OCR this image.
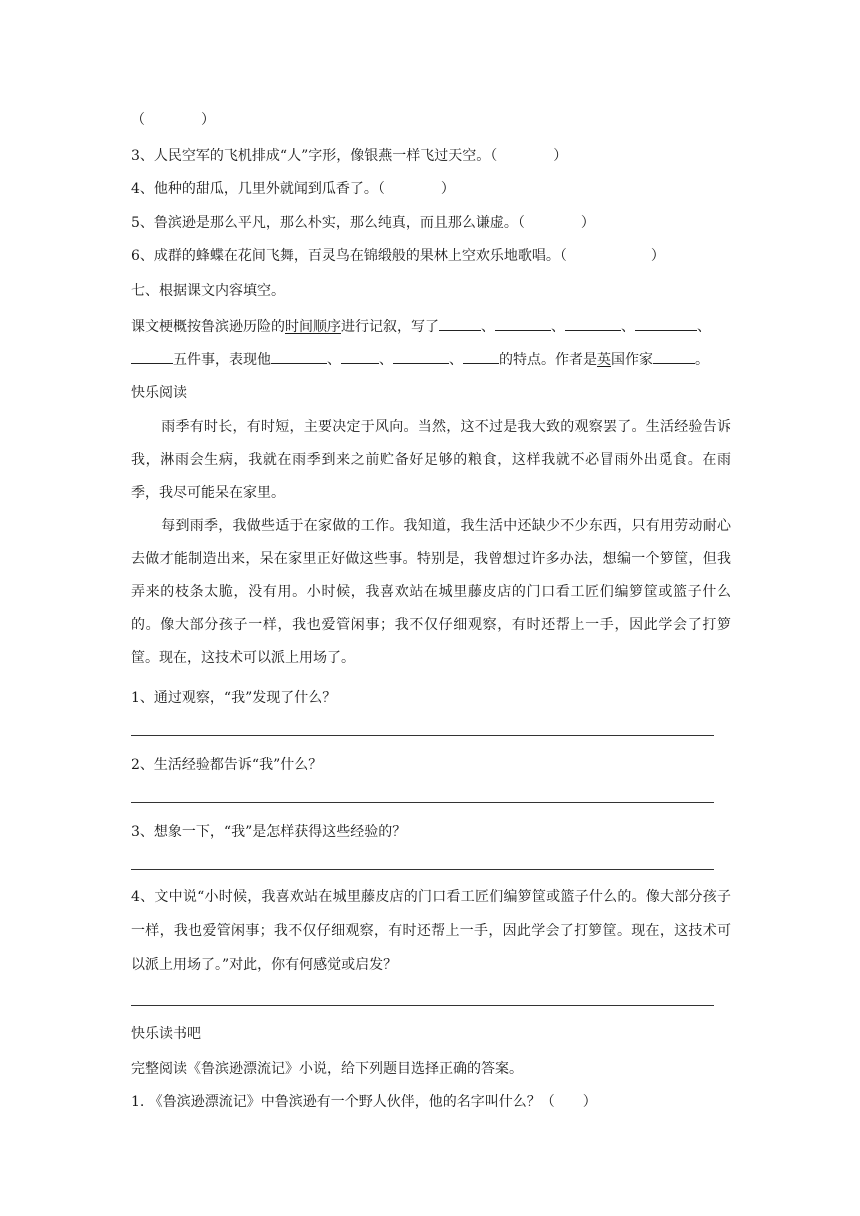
（　　　　）
3、人民空军的飞机排成“人”字形，像银燕一样飞过天空。（	）
4、他种的甜瓜，几里外就闻到瓜香了。（	）
5、鲁滨逊是那么平凡，那么朴实，那么纯真，而且那么谦虚。（	）
6、成群的蜂蝶在花间飞舞，百灵鸟在锦缎般的果林上空欢乐地歌唱。（	）
七、根据课文内容填空。
课文梗概按鲁滨逊历险的时间顺序进行记叙，写了	、	、	、	、
五件事，表现他	、	、	、	的特点。作者是英国作家	。
快乐阅读
雨季有时长，有时短，主要决定于风向。当然，这不过是我大致的观察罢了。生活经验告诉我，淋雨会生病，我就在雨季到来之前贮备好足够的粮食，这样我就不必冒雨外出觅食。在雨季，我尽可能呆在家里。
每到雨季，我做些适于在家做的工作。我知道，我生活中还缺少不少东西，只有用劳动耐心去做才能制造出来，呆在家里正好做这些事。特别是，我曾想过许多办法，想编一个箩筐，但我弄来的枝条太脆，没有用。小时候，我喜欢站在城里藤皮店的门口看工匠们编箩筐或篮子什么的。像大部分孩子一样，我也爱管闲事；我不仅仔细观察，有时还帮上一手，因此学会了打箩筐。现在，这技术可以派上用场了。
1、通过观察，“我”发现了什么？
2、生活经验都告诉“我”什么？
3、想象一下，“我”是怎样获得这些经验的？
4、文中说“小时候，我喜欢站在城里藤皮店的门口看工匠们编箩筐或篮子什么的。像大部分孩子一样，我也爱管闲事；我不仅仔细观察，有时还帮上一手，因此学会了打箩筐。现在，这技术可以派上用场了。”对此，你有何感觉或启发？
快乐读书吧
完整阅读《鲁滨逊漂流记》小说，给下列题目选择正确的答案。
1. 《鲁滨逊漂流记》中鲁滨逊有一个野人伙伴，他的名字叫什么？（　　）
